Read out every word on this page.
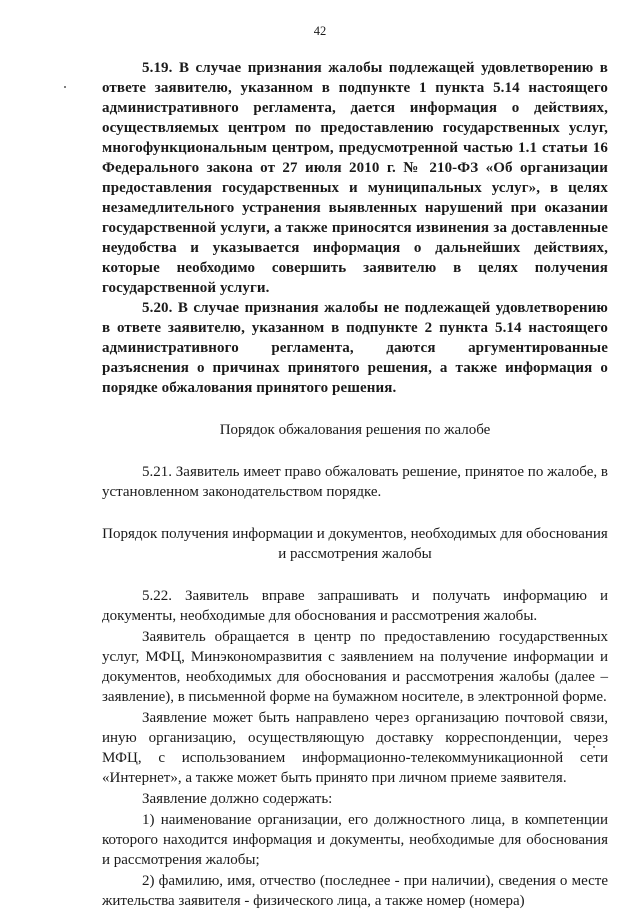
42

5.19. В случае признания жалобы подлежащей удовлетворению в ответе заявителю, указанном в подпункте 1 пункта 5.14 настоящего административного регламента, дается информация о действиях, осуществляемых центром по предоставлению государственных услуг, многофункциональным центром, предусмотренной частью 1.1 статьи 16 Федерального закона от 27 июля 2010 г. № 210-ФЗ «Об организации предоставления государственных и муниципальных услуг», в целях незамедлительного устранения выявленных нарушений при оказании государственной услуги, а также приносятся извинения за доставленные неудобства и указывается информация о дальнейших действиях, которые необходимо совершить заявителю в целях получения государственной услуги.

5.20. В случае признания жалобы не подлежащей удовлетворению в ответе заявителю, указанном в подпункте 2 пункта 5.14 настоящего административного регламента, даются аргументированные разъяснения о причинах принятого решения, а также информация о порядке обжалования принятого решения.

Порядок обжалования решения по жалобе

5.21. Заявитель имеет право обжаловать решение, принятое по жалобе, в установленном законодательством порядке.

Порядок получения информации и документов, необходимых для обоснования и рассмотрения жалобы

5.22. Заявитель вправе запрашивать и получать информацию и документы, необходимые для обоснования и рассмотрения жалобы.

Заявитель обращается в центр по предоставлению государственных услуг, МФЦ, Минэкономразвития с заявлением на получение информации и документов, необходимых для обоснования и рассмотрения жалобы (далее – заявление), в письменной форме на бумажном носителе, в электронной форме.

Заявление может быть направлено через организацию почтовой связи, иную организацию, осуществляющую доставку корреспонденции, через МФЦ, с использованием информационно-телекоммуникационной сети «Интернет», а также может быть принято при личном приеме заявителя.

Заявление должно содержать:

1) наименование организации, его должностного лица, в компетенции которого находится информация и документы, необходимые для обоснования и рассмотрения жалобы;

2) фамилию, имя, отчество (последнее - при наличии), сведения о месте жительства заявителя - физического лица, а также номер (номера)
